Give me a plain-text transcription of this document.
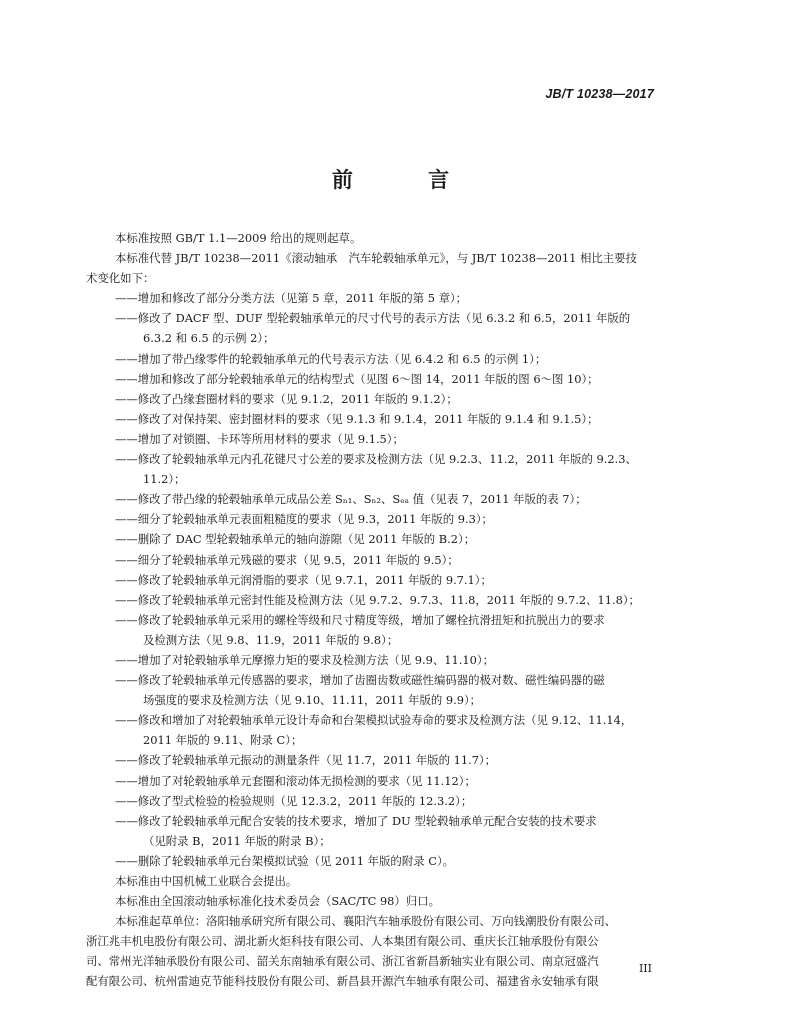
JB/T 10238—2017
前 言
本标准按照 GB/T 1.1—2009 给出的规则起草。
本标准代替 JB/T 10238—2011《滚动轴承　汽车轮毂轴承单元》，与 JB/T 10238—2011 相比主要技
术变化如下：
——增加和修改了部分分类方法（见第 5 章，2011 年版的第 5 章）；
——修改了 DACF 型、DUF 型轮毂轴承单元的尺寸代号的表示方法（见 6.3.2 和 6.5，2011 年版的
6.3.2 和 6.5 的示例 2）；
——增加了带凸缘零件的轮毂轴承单元的代号表示方法（见 6.4.2 和 6.5 的示例 1）；
——增加和修改了部分轮毂轴承单元的结构型式（见图 6～图 14，2011 年版的图 6～图 10）；
——修改了凸缘套圈材料的要求（见 9.1.2，2011 年版的 9.1.2）；
——修改了对保持架、密封圈材料的要求（见 9.1.3 和 9.1.4，2011 年版的 9.1.4 和 9.1.5）；
——增加了对锁圈、卡环等所用材料的要求（见 9.1.5）；
——修改了轮毂轴承单元内孔花键尺寸公差的要求及检测方法（见 9.2.3、11.2，2011 年版的 9.2.3、
11.2）；
——修改了带凸缘的轮毂轴承单元成品公差 Sₙ₁、Sₙ₂、Sₑₐ 值（见表 7，2011 年版的表 7）；
——细分了轮毂轴承单元表面粗糙度的要求（见 9.3，2011 年版的 9.3）；
——删除了 DAC 型轮毂轴承单元的轴向游隙（见 2011 年版的 B.2）；
——细分了轮毂轴承单元残磁的要求（见 9.5，2011 年版的 9.5）；
——修改了轮毂轴承单元润滑脂的要求（见 9.7.1，2011 年版的 9.7.1）；
——修改了轮毂轴承单元密封性能及检测方法（见 9.7.2、9.7.3、11.8，2011 年版的 9.7.2、11.8）；
——修改了轮毂轴承单元采用的螺栓等级和尺寸精度等级，增加了螺栓抗滑扭矩和抗脱出力的要求
及检测方法（见 9.8、11.9，2011 年版的 9.8）；
——增加了对轮毂轴承单元摩擦力矩的要求及检测方法（见 9.9、11.10）；
——修改了轮毂轴承单元传感器的要求，增加了齿圈齿数或磁性编码器的极对数、磁性编码器的磁
场强度的要求及检测方法（见 9.10、11.11，2011 年版的 9.9）；
——修改和增加了对轮毂轴承单元设计寿命和台架模拟试验寿命的要求及检测方法（见 9.12、11.14，
2011 年版的 9.11、附录 C）；
——修改了轮毂轴承单元振动的测量条件（见 11.7，2011 年版的 11.7）；
——增加了对轮毂轴承单元套圈和滚动体无损检测的要求（见 11.12）；
——修改了型式检验的检验规则（见 12.3.2，2011 年版的 12.3.2）；
——修改了轮毂轴承单元配合安装的技术要求，增加了 DU 型轮毂轴承单元配合安装的技术要求
（见附录 B，2011 年版的附录 B）；
——删除了轮毂轴承单元台架模拟试验（见 2011 年版的附录 C）。
本标准由中国机械工业联合会提出。
本标准由全国滚动轴承标准化技术委员会（SAC/TC 98）归口。
本标准起草单位：洛阳轴承研究所有限公司、襄阳汽车轴承股份有限公司、万向钱潮股份有限公司、
浙江兆丰机电股份有限公司、湖北新火炬科技有限公司、人本集团有限公司、重庆长江轴承股份有限公
司、常州光洋轴承股份有限公司、韶关东南轴承有限公司、浙江省新昌新轴实业有限公司、南京冠盛汽
配有限公司、杭州雷迪克节能科技股份有限公司、新昌县开源汽车轴承有限公司、福建省永安轴承有限
III
